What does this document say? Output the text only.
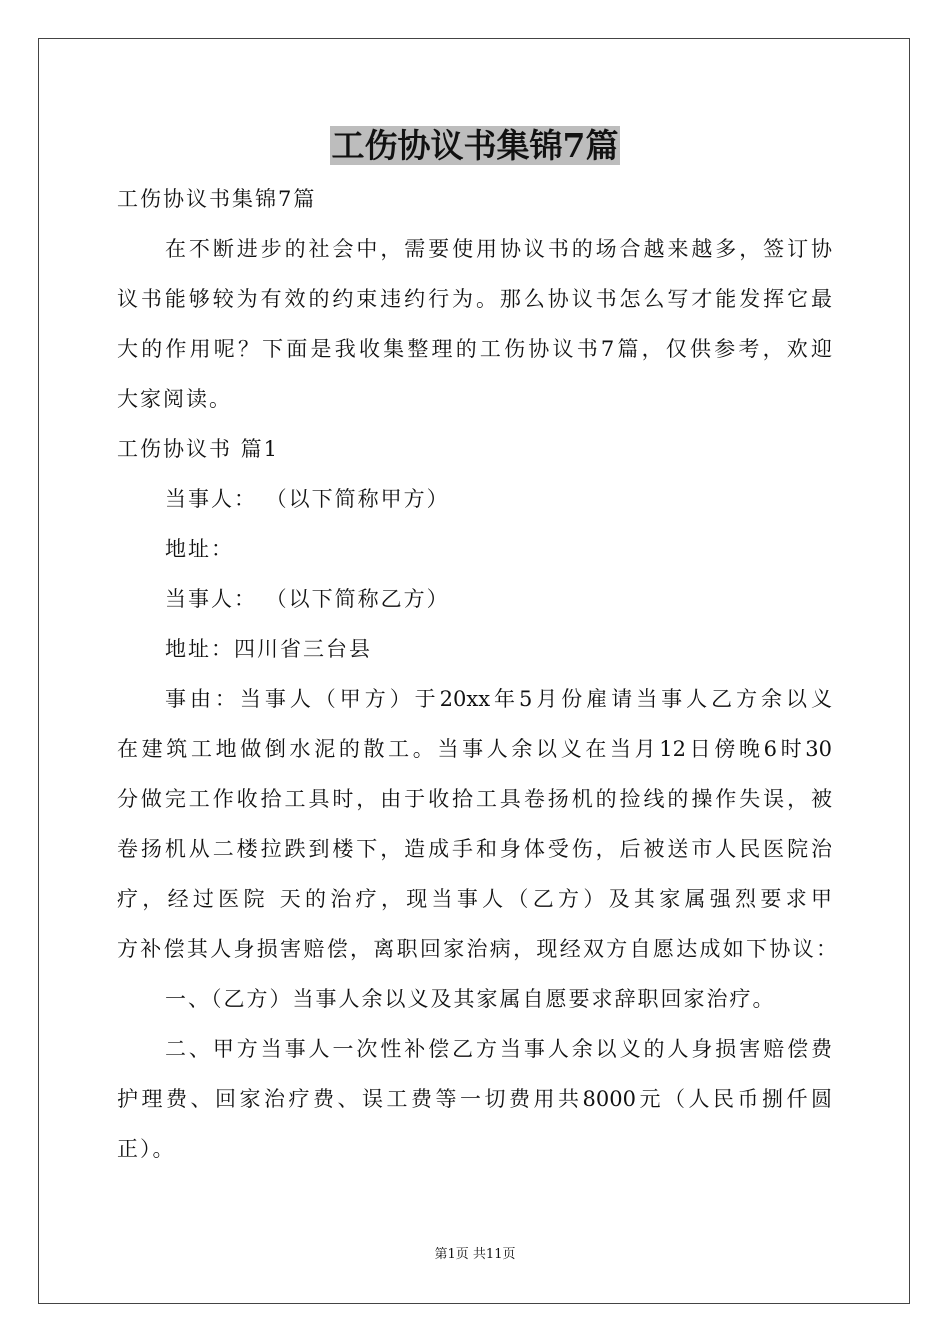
工伤协议书集锦7篇
工伤协议书集锦7篇
在不断进步的社会中，需要使用协议书的场合越来越多，签订协
议书能够较为有效的约束违约行为。那么协议书怎么写才能发挥它最
大的作用呢？下面是我收集整理的工伤协议书7篇，仅供参考，欢迎
大家阅读。
工伤协议书 篇1
当事人： （以下简称甲方）
地址：
当事人： （以下简称乙方）
地址：四川省三台县
事由：当事人（甲方）于20xx年5月份雇请当事人乙方余以义
在建筑工地做倒水泥的散工。当事人余以义在当月12日傍晚6时30
分做完工作收拾工具时，由于收拾工具卷扬机的捡线的操作失误，被
卷扬机从二楼拉跌到楼下，造成手和身体受伤，后被送市人民医院治
疗，经过医院 天的治疗，现当事人（乙方）及其家属强烈要求甲
方补偿其人身损害赔偿，离职回家治病，现经双方自愿达成如下协议：
一、（乙方）当事人余以义及其家属自愿要求辞职回家治疗。
二、甲方当事人一次性补偿乙方当事人余以义的人身损害赔偿费
护理费、回家治疗费、误工费等一切费用共8000元（人民币捌仟圆
正）。
第1页 共11页
